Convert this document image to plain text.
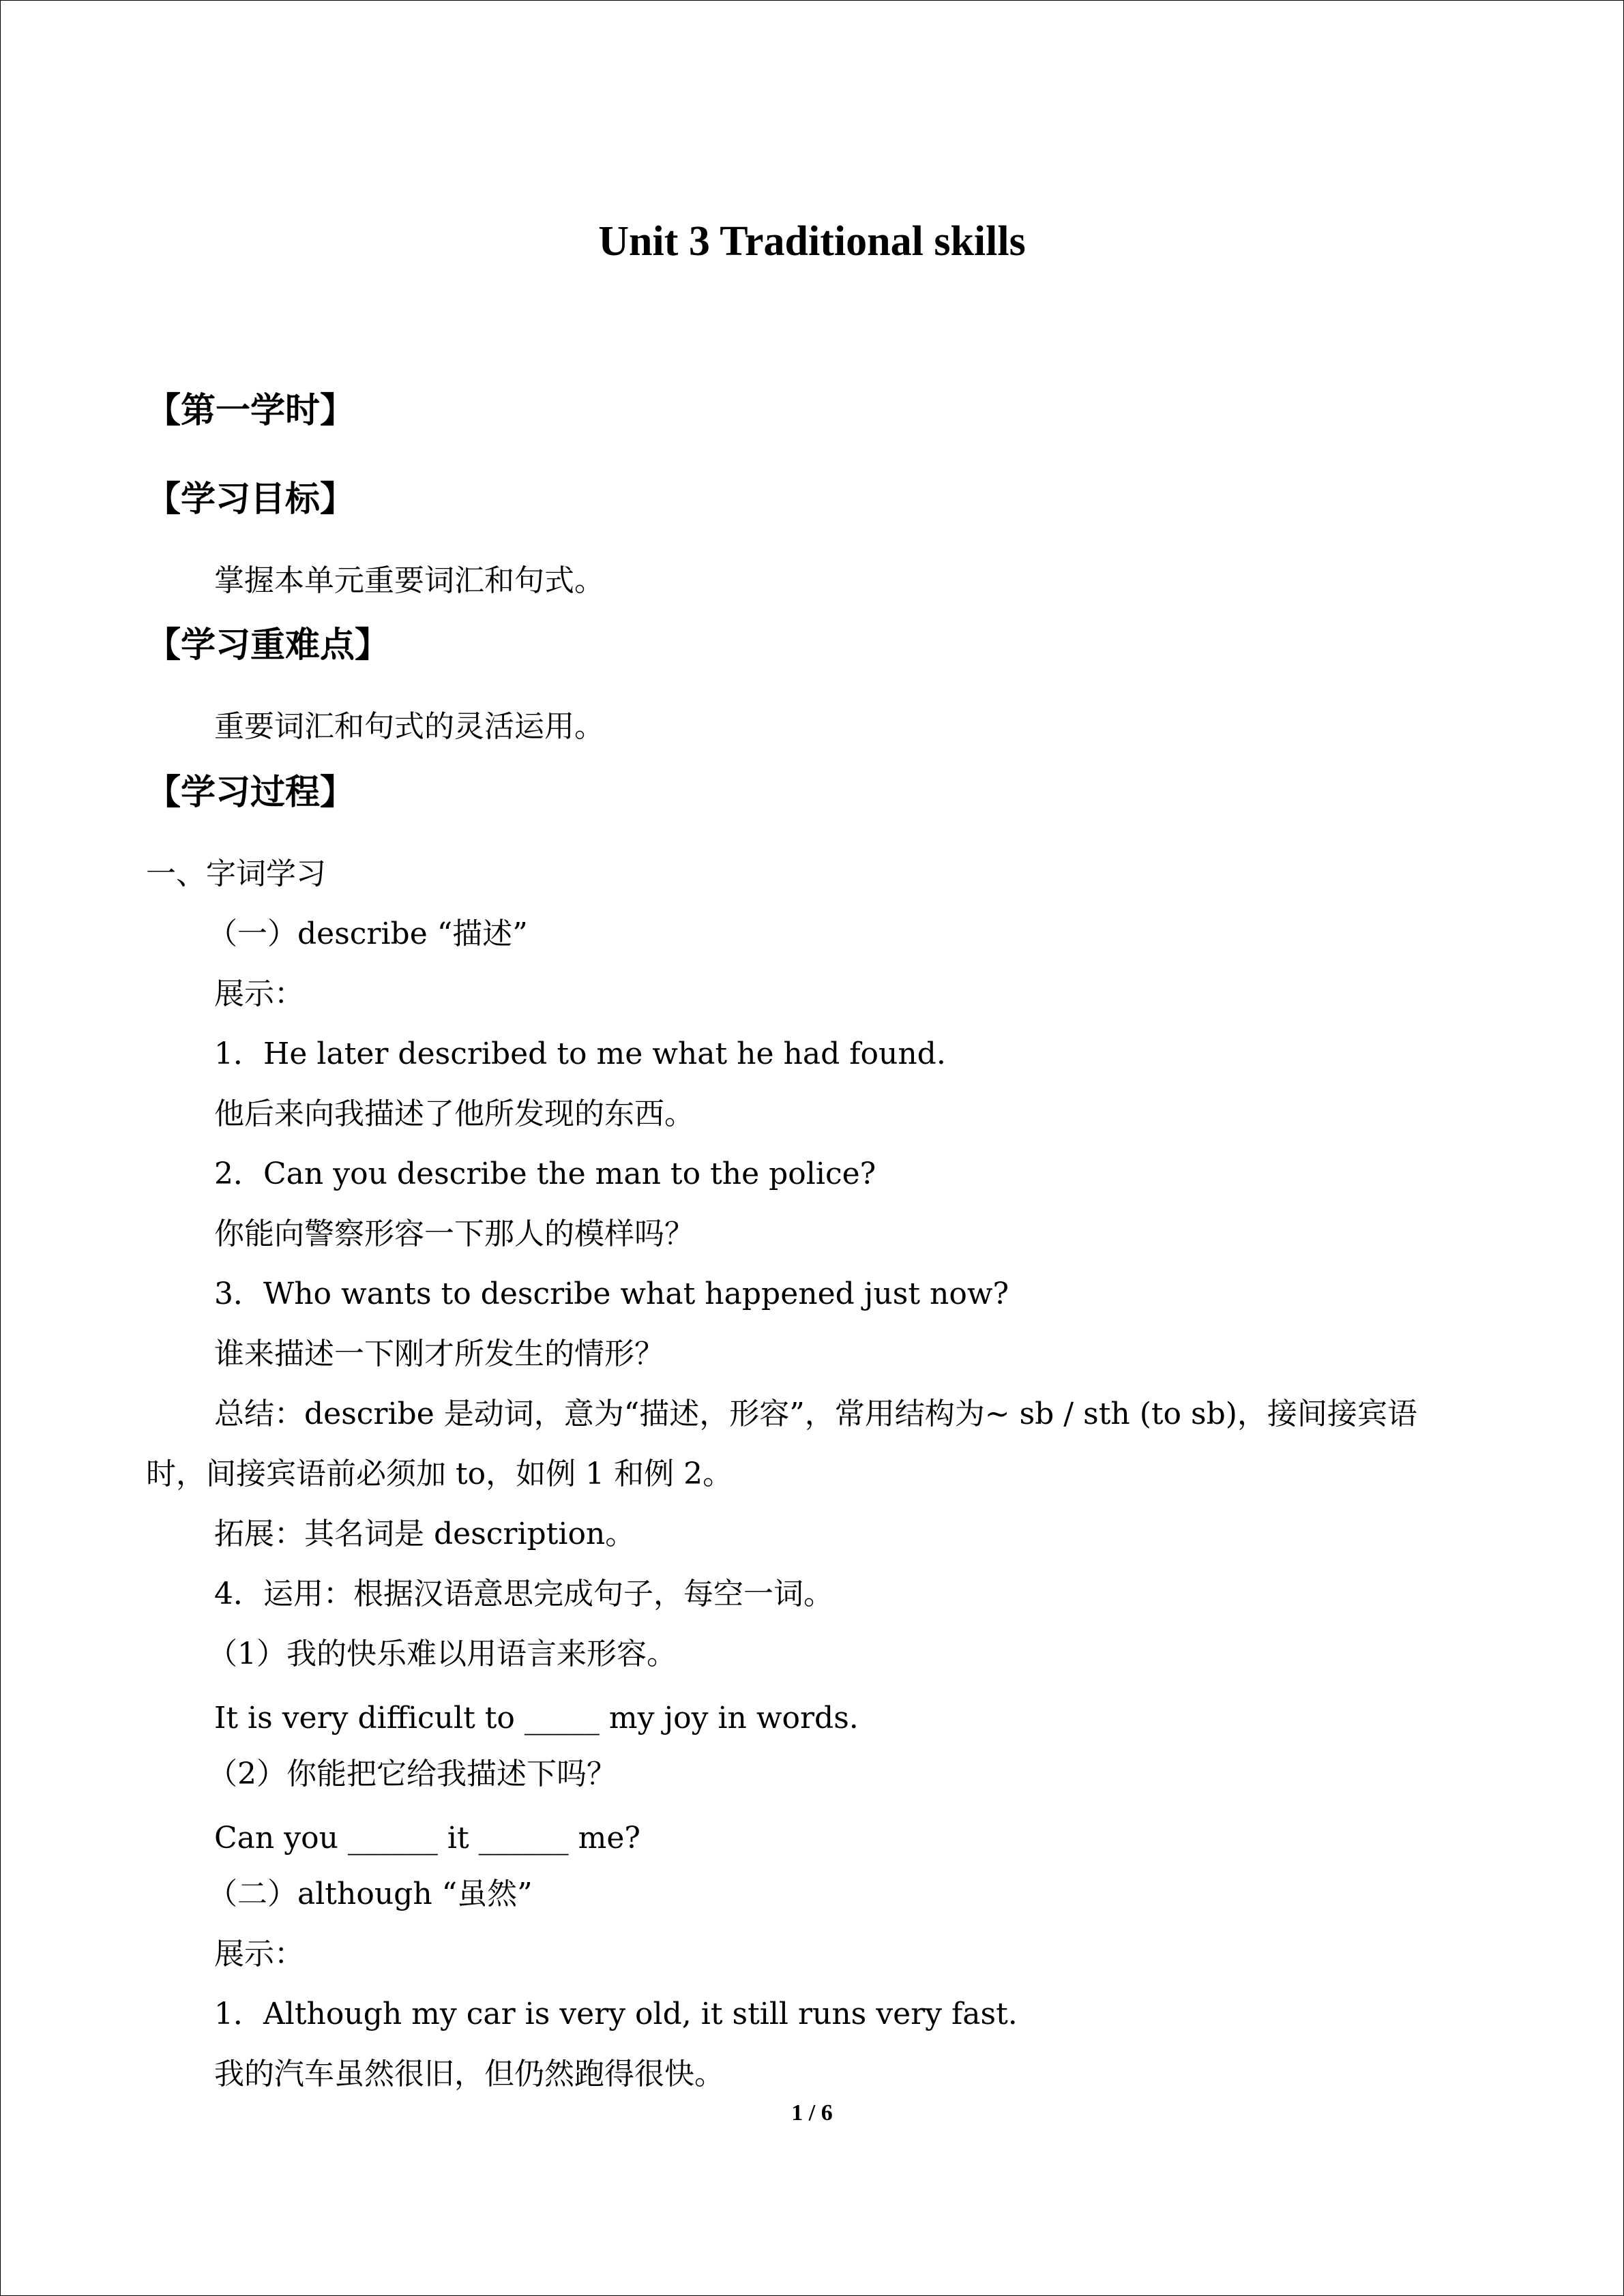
Unit 3 Traditional skills
【第一学时】
【学习目标】
掌握本单元重要词汇和句式。
【学习重难点】
重要词汇和句式的灵活运用。
【学习过程】
一、字词学习
（一）describe “描述”
展示：
1．He later described to me what he had found.
他后来向我描述了他所发现的东西。
2．Can you describe the man to the police?
你能向警察形容一下那人的模样吗？
3．Who wants to describe what happened just now?
谁来描述一下刚才所发生的情形？
总结：describe 是动词，意为“描述，形容”，常用结构为~ sb / sth (to sb)，接间接宾语
时，间接宾语前必须加 to，如例 1 和例 2。
拓展：其名词是 description。
4．运用：根据汉语意思完成句子，每空一词。
（1）我的快乐难以用语言来形容。
It is very difficult to _____ my joy in words.
（2）你能把它给我描述下吗？
Can you ______ it ______ me?
（二）although “虽然”
展示：
1．Although my car is very old, it still runs very fast.
我的汽车虽然很旧，但仍然跑得很快。
1 / 6
